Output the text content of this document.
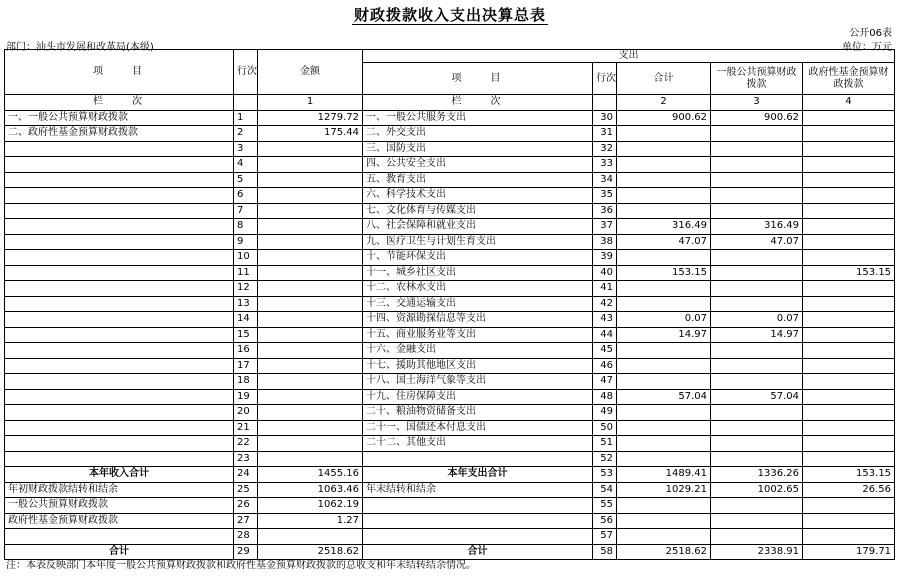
财政拨款收入支出决算总表
公开06表
部门：汕头市发展和改革局(本级)	单位：万元
项　　目	行次	金额	支出				
			项　　目	行次	合计	一般公共预算财政拨款	政府性基金预算财政拨款
栏　　次		1	栏　　次		2	3	4
一、一般公共预算财政拨款	1	1279.72	一、一般公共服务支出	30	900.62	900.62	
二、政府性基金预算财政拨款	2	175.44	二、外交支出	31			
	3		三、国防支出	32			
	4		四、公共安全支出	33			
	5		五、教育支出	34			
	6		六、科学技术支出	35			
	7		七、文化体育与传媒支出	36			
	8		八、社会保障和就业支出	37	316.49	316.49	
	9		九、医疗卫生与计划生育支出	38	47.07	47.07	
	10		十、节能环保支出	39			
	11		十一、城乡社区支出	40	153.15		153.15
	12		十二、农林水支出	41			
	13		十三、交通运输支出	42			
	14		十四、资源勘探信息等支出	43	0.07	0.07	
	15		十五、商业服务业等支出	44	14.97	14.97	
	16		十六、金融支出	45			
	17		十七、援助其他地区支出	46			
	18		十八、国土海洋气象等支出	47			
	19		十九、住房保障支出	48	57.04	57.04	
	20		二十、粮油物资储备支出	49			
	21		二十一、国债还本付息支出	50			
	22		二十二、其他支出	51			
	23			52			
本年收入合计	24	1455.16	本年支出合计	53	1489.41	1336.26	153.15
年初财政拨款结转和结余	25	1063.46	年末结转和结余	54	1029.21	1002.65	26.56
一般公共预算财政拨款	26	1062.19		55			
政府性基金预算财政拨款	27	1.27		56			
	28			57			
合计	29	2518.62	合计	58	2518.62	2338.91	179.71
注：本表反映部门本年度一般公共预算财政拨款和政府性基金预算财政拨款的总收支和年末结转结余情况。
